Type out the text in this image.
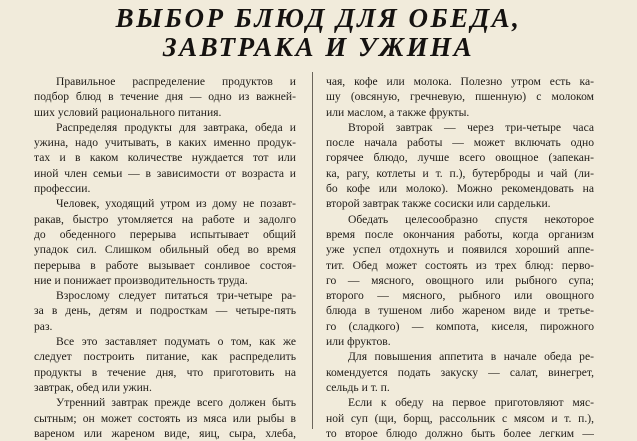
ВЫБОР БЛЮД ДЛЯ ОБЕДА,
ЗАВТРАКА И УЖИНА

Правильное распределение продуктов и
подбор блюд в течение дня — одно из важней-
ших условий рационального питания.

Распределяя продукты для завтрака, обеда и
ужина, надо учитывать, в каких именно продук-
тах и в каком количестве нуждается тот или
иной член семьи — в зависимости от возраста и
профессии.

Человек, уходящий утром из дому не позавт-
ракав, быстро утомляется на работе и задолго
до обеденного перерыва испытывает общий
упадок сил. Слишком обильный обед во время
перерыва в работе вызывает сонливое состоя-
ние и понижает производительность труда.

Взрослому следует питаться три-четыре ра-
за в день, детям и подросткам — четыре-пять
раз.

Все это заставляет подумать о том, как же
следует построить питание, как распределить
продукты в течение дня, что приготовить на
завтрак, обед или ужин.

Утренний завтрак прежде всего должен быть
сытным; он может состоять из мяса или рыбы в
вареном или жареном виде, яиц, сыра, хлеба,

чая, кофе или молока. Полезно утром есть ка-
шу (овсяную, гречневую, пшенную) с молоком
или маслом, а также фрукты.

Второй завтрак — через три-четыре часа
после начала работы — может включать одно
горячее блюдо, лучше всего овощное (запекан-
ка, рагу, котлеты и т. п.), бутерброды и чай (ли-
бо кофе или молоко). Можно рекомендовать на
второй завтрак также сосиски или сардельки.

Обедать целесообразно спустя некоторое
время после окончания работы, когда организм
уже успел отдохнуть и появился хороший аппе-
тит. Обед может состоять из трех блюд: перво-
го — мясного, овощного или рыбного супа;
второго — мясного, рыбного или овощного
блюда в тушеном либо жареном виде и третье-
го (сладкого) — компота, киселя, пирожного
или фруктов.

Для повышения аппетита в начале обеда ре-
комендуется подать закуску — салат, винегрет,
сельдь и т. п.

Если к обеду на первое приготовляют мяс-
ной суп (щи, борщ, рассольник с мясом и т. п.),
то второе блюдо должно быть более легким —
